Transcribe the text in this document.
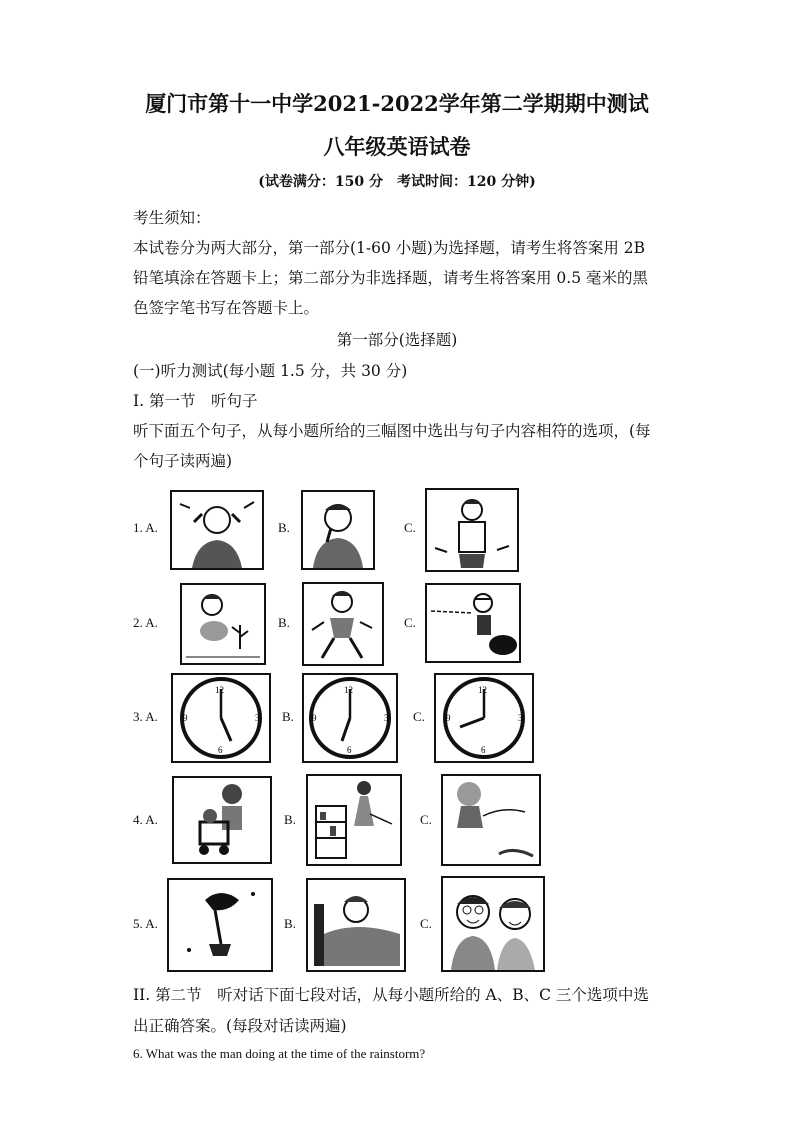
厦门市第十一中学2021-2022学年第二学期期中测试
八年级英语试卷
(试卷满分：150 分　考试时间：120 分钟)
考生须知：
本试卷分为两大部分，第一部分(1-60 小题)为选择题，请考生将答案用 2B
铅笔填涂在答题卡上；第二部分为非选择题，请考生将答案用 0.5 毫米的黑
色签字笔书写在答题卡上。
第一部分(选择题)
(一)听力测试(每小题 1.5 分，共 30 分)
I. 第一节　听句子
听下面五个句子，从每小题所给的三幅图中选出与句子内容相符的选项，(每
个句子读两遍)
1. A.	B.	C.
2. A.	B.	C.
3. A.
12
3
6
9	B.
12
3
6
9	C.
12
3
6
9
4. A.	B.	C.
5. A.	B.	C.
II. 第二节　听对话下面七段对话，从每小题所给的 A、B、C 三个选项中选
出正确答案。(每段对话读两遍)
6. What was the man doing at the time of the rainstorm?
